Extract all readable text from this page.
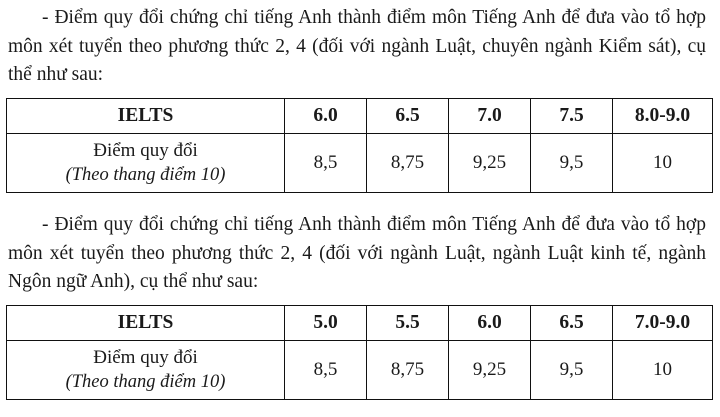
- Điểm quy đổi chứng chỉ tiếng Anh thành điểm môn Tiếng Anh để đưa vào tổ hợp môn xét tuyển theo phương thức 2, 4 (đối với ngành Luật, chuyên ngành Kiểm sát), cụ thể như sau:

IELTS	6.0	6.5	7.0	7.5	8.0-9.0

Điểm quy đổi
(Theo thang điểm 10)	8,5	8,75	9,25	9,5	10

- Điểm quy đổi chứng chỉ tiếng Anh thành điểm môn Tiếng Anh để đưa vào tổ hợp môn xét tuyển theo phương thức 2, 4 (đối với ngành Luật, ngành Luật kinh tế, ngành Ngôn ngữ Anh), cụ thể như sau:

IELTS	5.0	5.5	6.0	6.5	7.0-9.0

Điểm quy đổi
(Theo thang điểm 10)	8,5	8,75	9,25	9,5	10
